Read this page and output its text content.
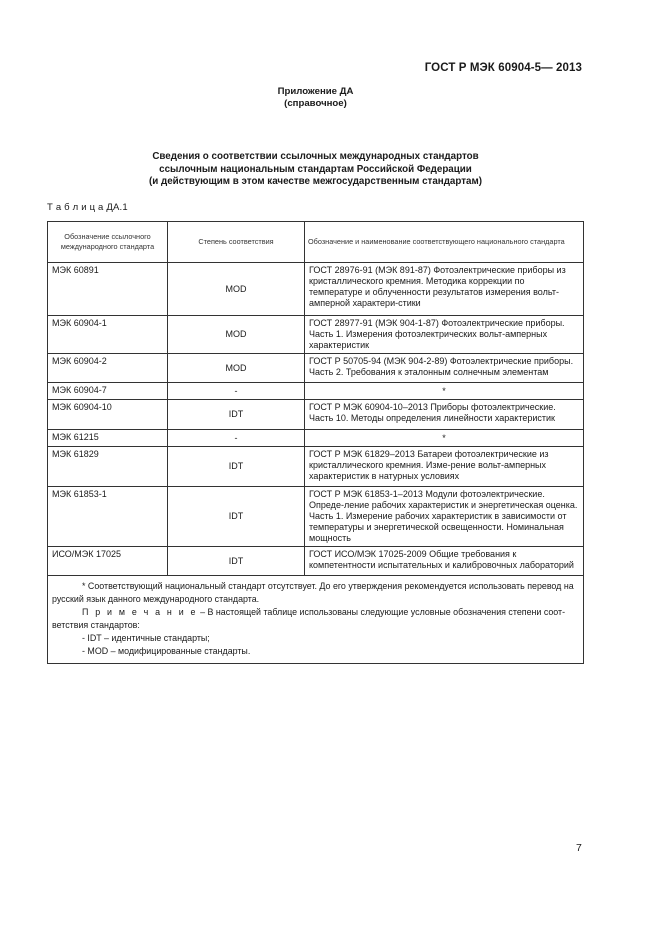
ГОСТ Р МЭК 60904-5— 2013
Приложение ДА
(справочное)
Сведения о соответствии ссылочных международных стандартов
ссылочным национальным стандартам Российской Федерации
(и действующим в этом качестве межгосударственным стандартам)
Т а б л и ц а ДА.1
Обозначение ссылочного международного стандарта	Степень соответствия	Обозначение и наименование соответствующего национального стандарта
МЭК 60891	MOD	ГОСТ 28976-91 (МЭК 891-87) Фотоэлектрические приборы из кристаллического кремния. Методика коррекции по температуре и облученности результатов измерения вольт-амперной характери-стики
МЭК 60904-1	MOD	ГОСТ 28977-91 (МЭК 904-1-87) Фотоэлектрические приборы. Часть 1. Измерения фотоэлектрических вольт-амперных характеристик
МЭК 60904-2	MOD	ГОСТ Р 50705-94 (МЭК 904-2-89) Фотоэлектрические приборы. Часть 2. Требования к эталонным солнечным элементам
МЭК 60904-7	-	*
МЭК 60904-10	IDT	ГОСТ Р МЭК 60904-10–2013 Приборы фотоэлектрические. Часть 10. Методы определения линейности характеристик
МЭК 61215	-	*
МЭК 61829	IDT	ГОСТ Р МЭК 61829–2013 Батареи фотоэлектрические из кристаллического кремния. Изме-рение вольт-амперных характеристик в натурных условиях
МЭК 61853-1	IDT	ГОСТ Р МЭК 61853-1–2013 Модули фотоэлектрические. Опреде-ление рабочих характеристик и энергетическая оценка. Часть 1. Измерение рабочих характеристик в зависимости от температуры и энергетической освещенности. Номинальная мощность
ИСО/МЭК 17025	IDT	ГОСТ ИСО/МЭК 17025-2009 Общие требования к компетентности испытательных и калибровочных лабораторий

* Соответствующий национальный стандарт отсутствует. До его утверждения рекомендуется использовать перевод на русский язык данного международного стандарта.

П р и м е ч а н и е – В настоящей таблице использованы следующие условные обозначения степени соот-ветствия стандартов:

- IDT – идентичные стандарты;

- MOD – модифицированные стандарты.		

7
